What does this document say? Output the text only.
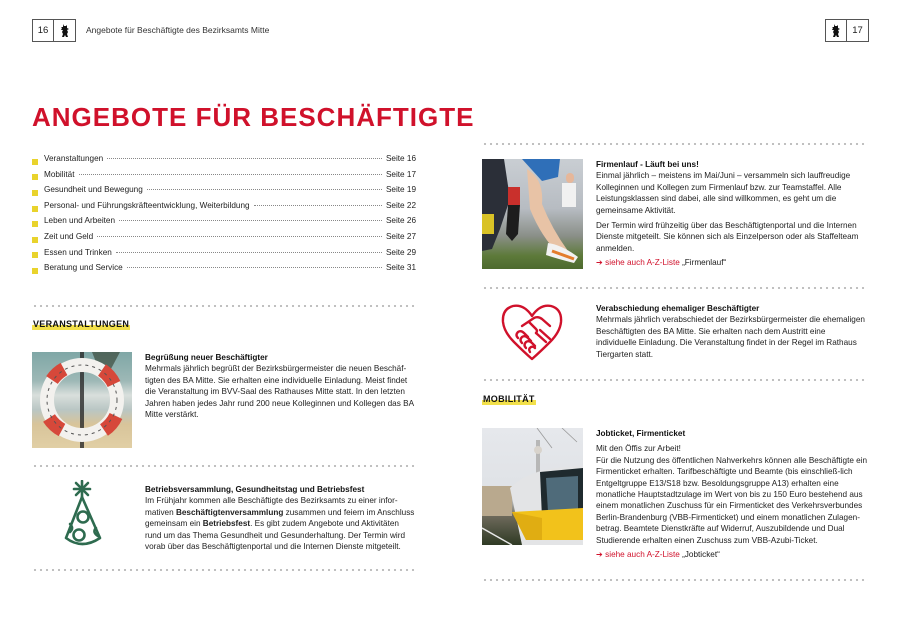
16	Angebote für Beschäftigte des Bezirksamts Mitte	17
ANGEBOTE FÜR BESCHÄFTIGTE
Veranstaltungen	Seite 16
Mobilität	Seite 17
Gesundheit und Bewegung	Seite 19
Personal- und Führungskräfteentwicklung, Weiterbildung	Seite 22
Leben und Arbeiten	Seite 26
Zeit und Geld	Seite 27
Essen und Trinken	Seite 29
Beratung und Service	Seite 31
VERANSTALTUNGEN
Begrüßung neuer Beschäftigter
Mehrmals jährlich begrüßt der Bezirksbürgermeister die neuen Beschäf-tigten des BA Mitte. Sie erhalten eine individuelle Einladung. Meist findet die Veranstaltung im BVV-Saal des Rathauses Mitte statt. In den letzten Jahren haben jedes Jahr rund 200 neue Kolleginnen und Kollegen das BA Mitte verstärkt.
Betriebsversammlung, Gesundheitstag und Betriebsfest
Im Frühjahr kommen alle Beschäftigte des Bezirksamts zu einer infor-mativen Beschäftigtenversammlung zusammen und feiern im Anschluss gemeinsam ein Betriebsfest. Es gibt zudem Angebote und Aktivitäten rund um das Thema Gesundheit und Gesunderhaltung. Der Termin wird vorab über das Beschäftigtenportal und die Internen Dienste mitgeteilt.
Firmenlauf - Läuft bei uns!
Einmal jährlich – meistens im Mai/Juni – versammeln sich lauffreudige Kolleginnen und Kollegen zum Firmenlauf bzw. zur Teamstaffel. Alle Leistungsklassen sind dabei, alle sind willkommen, es geht um die gemeinsame Aktivität.
Der Termin wird frühzeitig über das Beschäftigtenportal und die Internen Dienste mitgeteilt. Sie können sich als Einzelperson oder als Staffelteam anmelden.
➔ siehe auch A-Z-Liste „Firmenlauf“
Verabschiedung ehemaliger Beschäftigter
Mehrmals jährlich verabschiedet der Bezirksbürgermeister die ehemaligen Beschäftigten des BA Mitte. Sie erhalten nach dem Austritt eine individuelle Einladung. Die Veranstaltung findet in der Regel im Rathaus Tiergarten statt.
MOBILITÄT
Jobticket, Firmenticket
Mit den Öffis zur Arbeit!
Für die Nutzung des öffentlichen Nahverkehrs können alle Beschäftigte ein Firmenticket erhalten. Tarifbeschäftigte und Beamte (bis einschließ-lich Entgeltgruppe E13/S18 bzw. Besoldungsgruppe A13) erhalten eine monatliche Hauptstadtzulage im Wert von bis zu 150 Euro bestehend aus einem monatlichen Zuschuss für ein Firmenticket des Verkehrsverbundes Berlin-Brandenburg (VBB-Firmenticket) und einem monatlichen Zulagen-betrag. Beamtete Dienstkräfte auf Widerruf, Auszubildende und Dual Studierende erhalten einen Zuschuss zum VBB-Azubi-Ticket.
➔ siehe auch A-Z-Liste „Jobticket“
